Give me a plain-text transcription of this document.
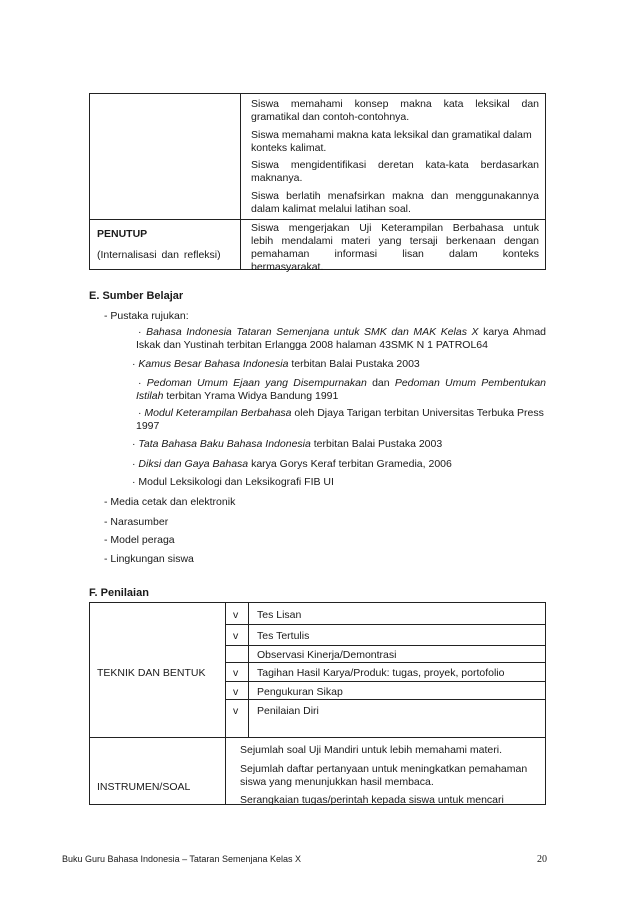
Siswa memahami konsep makna kata leksikal dan
gramatikal dan contoh-contohnya.
Siswa memahami makna kata leksikal dan gramatikal dalam
konteks kalimat.
Siswa mengidentifikasi deretan kata-kata berdasarkan
maknanya.
Siswa berlatih menafsirkan makna dan menggunakannya
dalam kalimat melalui latihan soal.
PENUTUP
(Internalisasi dan refleksi)
Siswa mengerjakan Uji Keterampilan Berbahasa untuk
lebih mendalami materi yang tersaji berkenaan dengan
pemahaman informasi lisan dalam konteks
bermasyarakat.
E. Sumber Belajar
- Pustaka rujukan:
· Bahasa Indonesia Tataran Semenjana untuk SMK dan MAK Kelas X karya Ahmad
Iskak dan Yustinah terbitan Erlangga 2008 halaman 43SMK N 1 PATROL64
· Kamus Besar Bahasa Indonesia terbitan Balai Pustaka 2003
· Pedoman Umum Ejaan yang Disempurnakan dan Pedoman Umum Pembentukan
Istilah terbitan Yrama Widya Bandung 1991
· Modul Keterampilan Berbahasa oleh Djaya Tarigan terbitan Universitas Terbuka Press
1997
· Tata Bahasa Baku Bahasa Indonesia terbitan Balai Pustaka 2003
· Diksi dan Gaya Bahasa karya Gorys Keraf terbitan Gramedia, 2006
· Modul Leksikologi dan Leksikografi FIB UI
- Media cetak dan elektronik
- Narasumber
- Model peraga
- Lingkungan siswa
F. Penilaian
TEKNIK DAN BENTUK
v Tes Lisan
v Tes Tertulis
Observasi Kinerja/Demontrasi
v Tagihan Hasil Karya/Produk: tugas, proyek, portofolio
v Pengukuran Sikap
v Penilaian Diri
INSTRUMEN/SOAL
Sejumlah soal Uji Mandiri untuk lebih memahami materi.
Sejumlah daftar pertanyaan untuk meningkatkan pemahaman
siswa yang menunjukkan hasil membaca.
Serangkaian tugas/perintah kepada siswa untuk mencari
Buku Guru Bahasa Indonesia – Tataran Semenjana Kelas X	20
